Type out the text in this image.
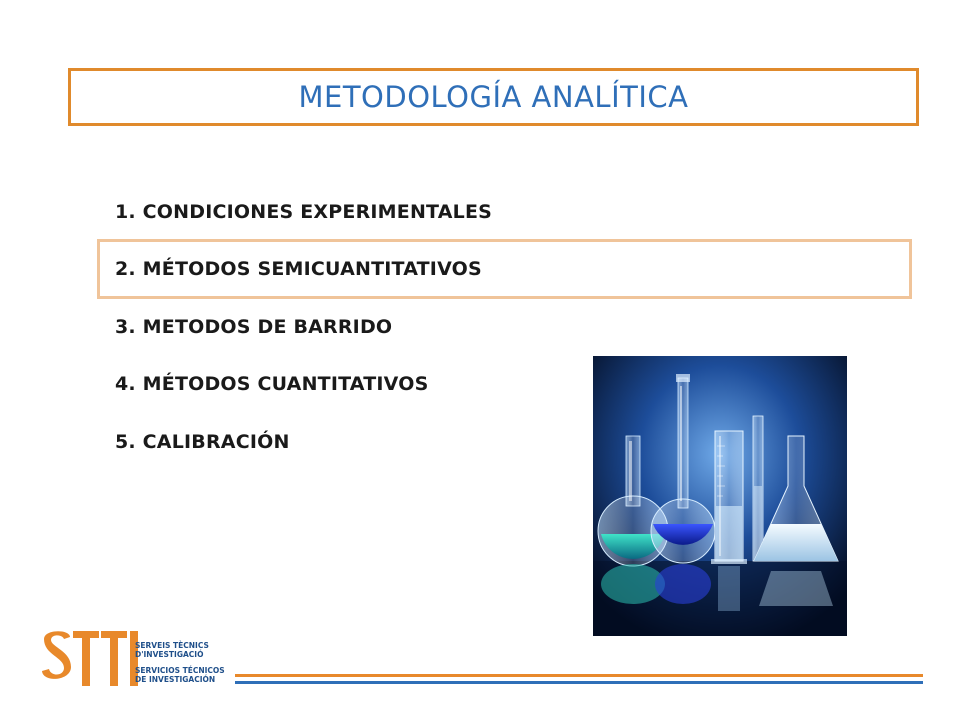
METODOLOGÍA ANALÍTICA
1. CONDICIONES EXPERIMENTALES
2. MÉTODOS SEMICUANTITATIVOS
3. METODOS DE BARRIDO
4. MÉTODOS CUANTITATIVOS
5. CALIBRACIÓN
SERVEIS TÈCNICS
D'INVESTIGACIÓ
SERVICIOS TÉCNICOS
DE INVESTIGACIÓN
